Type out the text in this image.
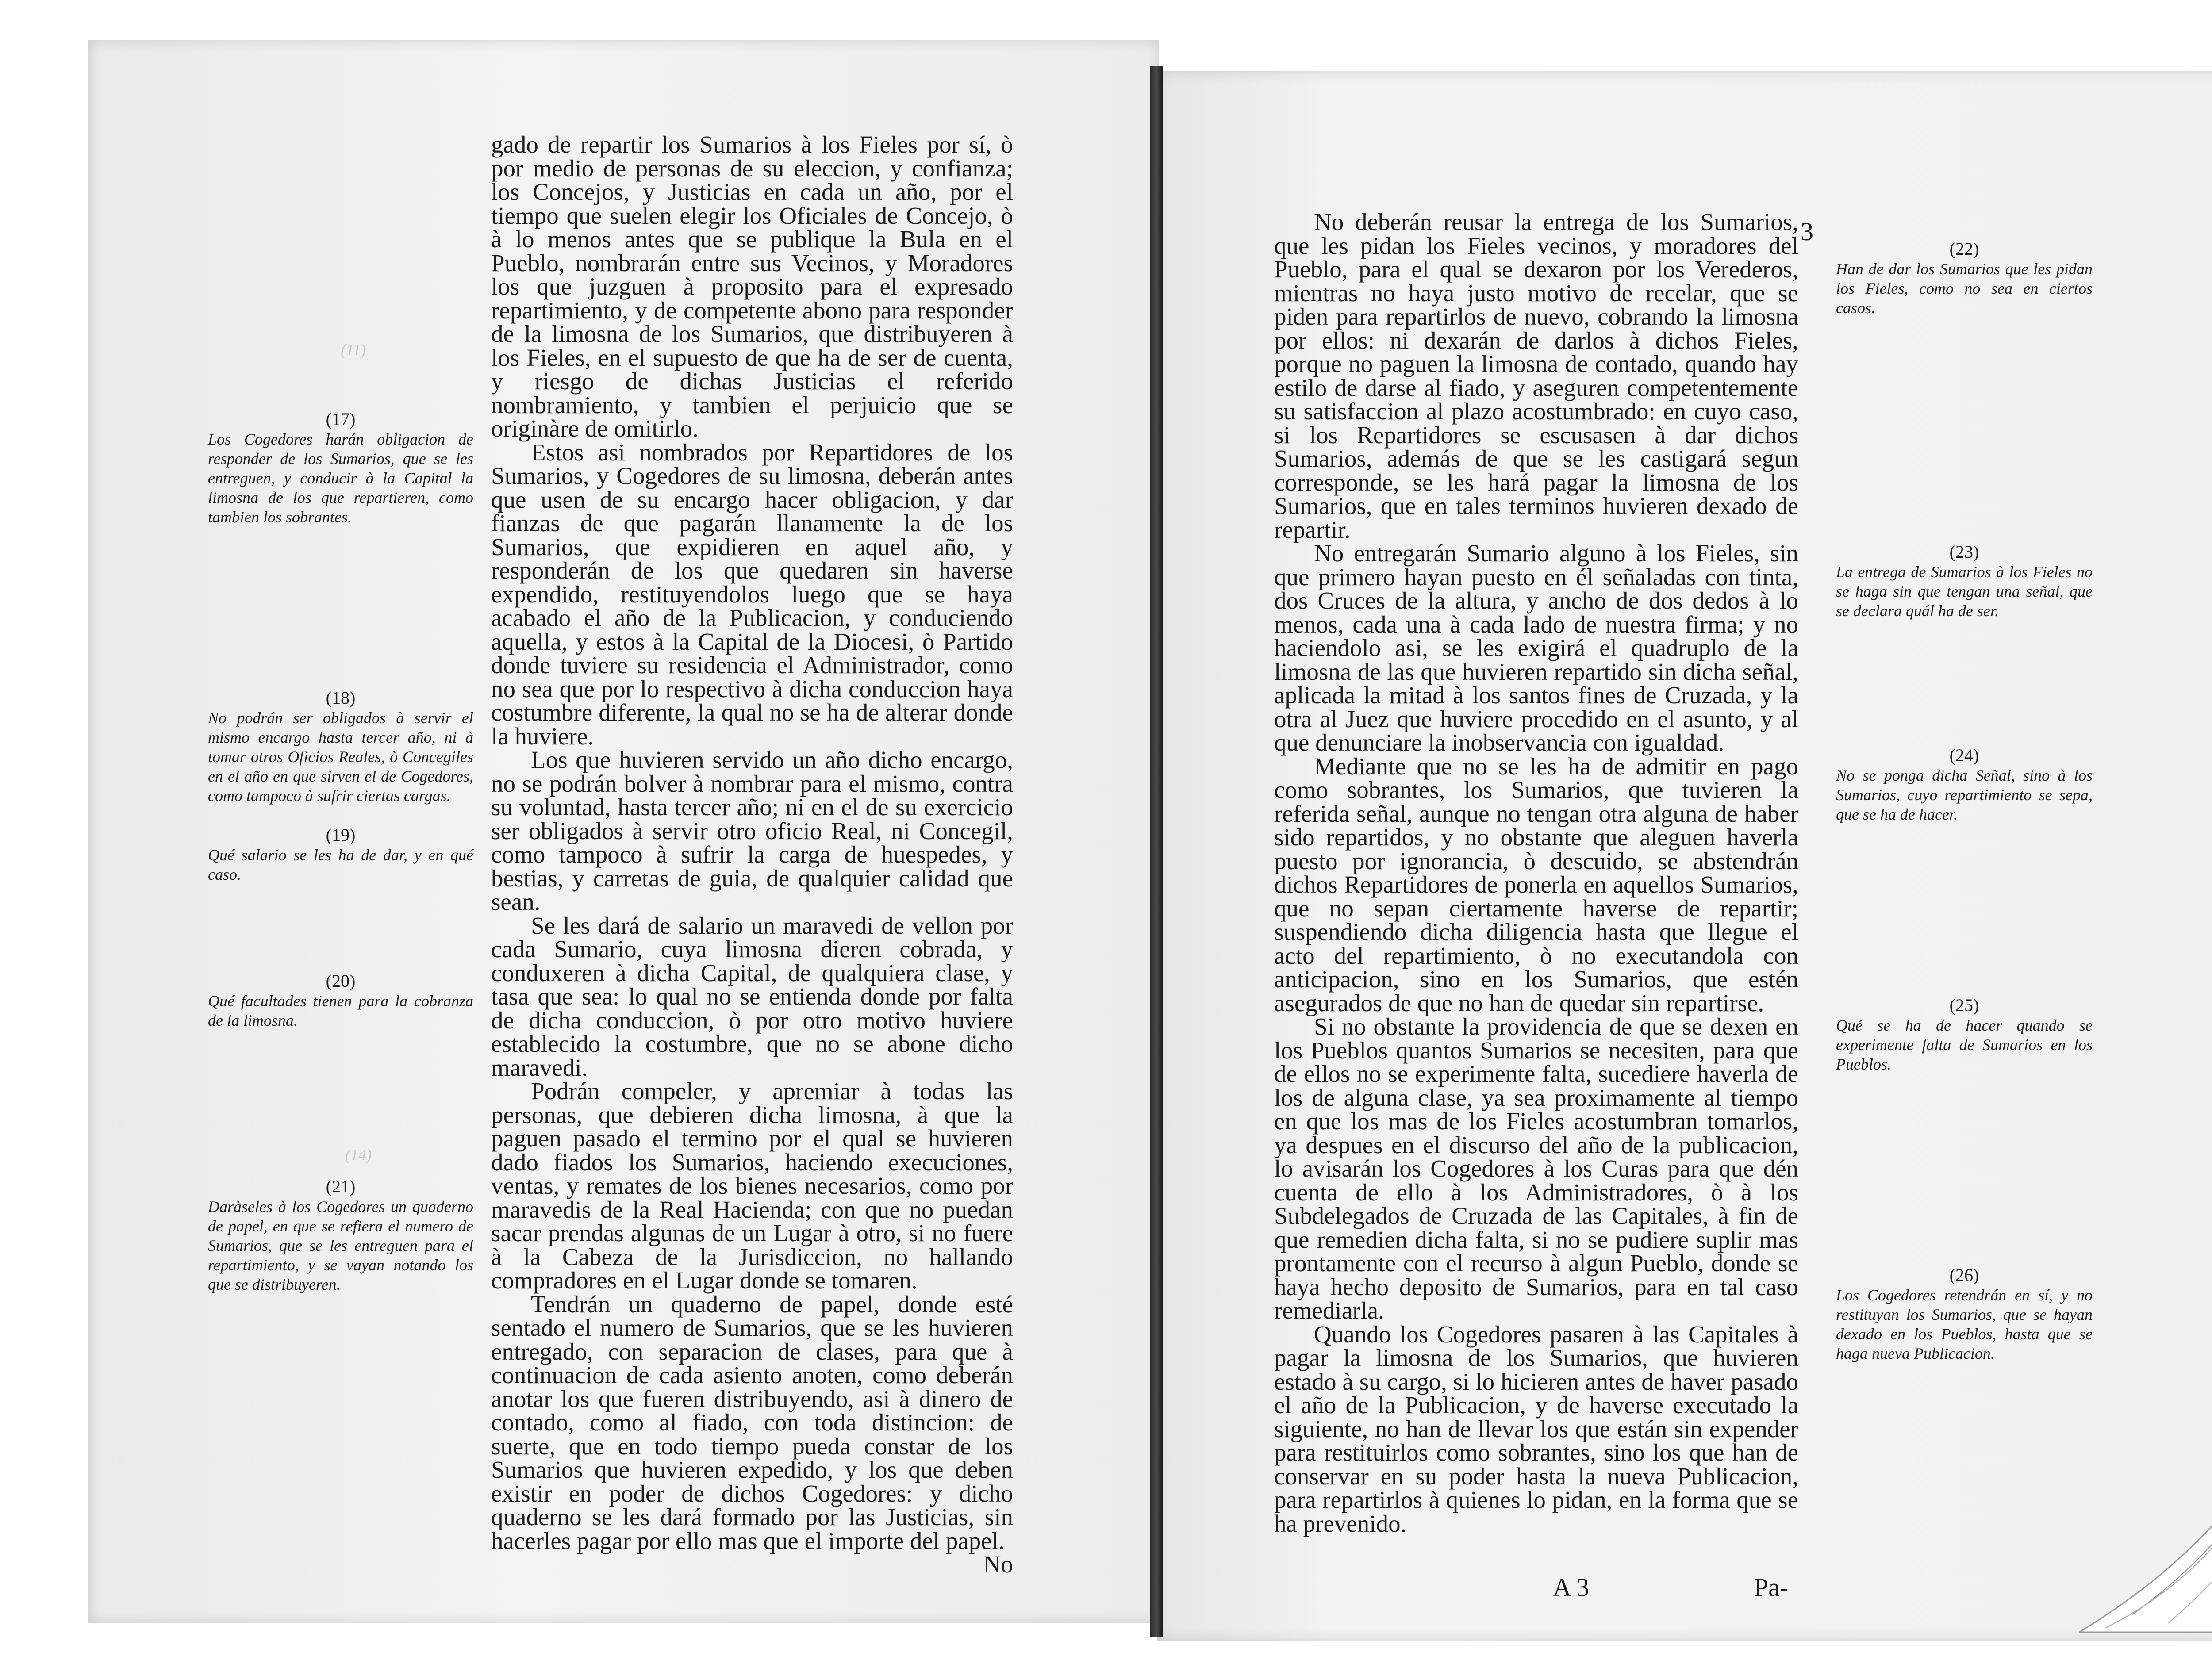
(11)
(14)

gado de repartir los Sumarios à los Fieles por sí, ò por medio de personas de su eleccion, y confianza; los Concejos, y Justicias en cada un año, por el tiempo que suelen elegir los Oficiales de Concejo, ò à lo menos antes que se publique la Bula en el Pueblo, nombrarán entre sus Vecinos, y Moradores los que juzguen à proposito para el expresado repartimiento, y de competente abono para responder de la limosna de los Sumarios, que distribuyeren à los Fieles, en el supuesto de que ha de ser de cuenta, y riesgo de dichas Justicias el referido nombramiento, y tambien el perjuicio que se originàre de omitirlo.

Estos asi nombrados por Repartidores de los Sumarios, y Cogedores de su limosna, deberán antes que usen de su encargo hacer obligacion, y dar fianzas de que pagarán llanamente la de los Sumarios, que expidieren en aquel año, y responderán de los que quedaren sin haverse expendido, restituyendolos luego que se haya acabado el año de la Publicacion, y conduciendo aquella, y estos à la Capital de la Diocesi, ò Partido donde tuviere su residencia el Administrador, como no sea que por lo respectivo à dicha conduccion haya costumbre diferente, la qual no se ha de alterar donde la huviere.

Los que huvieren servido un año dicho encargo, no se podrán bolver à nombrar para el mismo, contra su voluntad, hasta tercer año; ni en el de su exercicio ser obligados à servir otro oficio Real, ni Concegil, como tampoco à sufrir la carga de huespedes, y bestias, y carretas de guia, de qualquier calidad que sean.

Se les dará de salario un maravedi de vellon por cada Sumario, cuya limosna dieren cobrada, y conduxeren à dicha Capital, de qualquiera clase, y tasa que sea: lo qual no se entienda donde por falta de dicha conduccion, ò por otro motivo huviere establecido la costumbre, que no se abone dicho maravedi.

Podrán compeler, y apremiar à todas las personas, que debieren dicha limosna, à que la paguen pasado el termino por el qual se huvieren dado fiados los Sumarios, haciendo execuciones, ventas, y remates de los bienes necesarios, como por maravedis de la Real Hacienda; con que no puedan sacar prendas algunas de un Lugar à otro, si no fuere à la Cabeza de la Jurisdiccion, no hallando compradores en el Lugar donde se tomaren.

Tendrán un quaderno de papel, donde esté sentado el numero de Sumarios, que se les huvieren entregado, con separacion de clases, para que à continuacion de cada asiento anoten, como deberán anotar los que fueren distribuyendo, asi à dinero de contado, como al fiado, con toda distincion: de suerte, que en todo tiempo pueda constar de los Sumarios que huvieren expedido, y los que deben existir en poder de dichos Cogedores: y dicho quaderno se les dará formado por las Justicias, sin hacerles pagar por ello mas que el importe del papel.

No

(17)
Los Cogedores harán obligacion de responder de los Sumarios, que se les entreguen, y conducir à la Capital la limosna de los que repartieren, como tambien los sobrantes.
(18)
No podrán ser obligados à servir el mismo encargo hasta tercer año, ni à tomar otros Oficios Reales, ò Concegiles en el año en que sirven el de Cogedores, como tampoco à sufrir ciertas cargas.
(19)
Qué salario se les ha de dar, y en qué caso.
(20)
Qué facultades tienen para la cobranza de la limosna.
(21)
Daràseles à los Cogedores un quaderno de papel, en que se refiera el numero de Sumarios, que se les entreguen para el repartimiento, y se vayan notando los que se distribuyeren.
3

No deberán reusar la entrega de los Sumarios, que les pidan los Fieles vecinos, y moradores del Pueblo, para el qual se dexaron por los Verederos, mientras no haya justo motivo de recelar, que se piden para repartirlos de nuevo, cobrando la limosna por ellos: ni dexarán de darlos à dichos Fieles, porque no paguen la limosna de contado, quando hay estilo de darse al fiado, y aseguren competentemente su satisfaccion al plazo acostumbrado: en cuyo caso, si los Repartidores se escusasen à dar dichos Sumarios, además de que se les castigará segun corresponde, se les hará pagar la limosna de los Sumarios, que en tales terminos huvieren dexado de repartir.

No entregarán Sumario alguno à los Fieles, sin que primero hayan puesto en él señaladas con tinta, dos Cruces de la altura, y ancho de dos dedos à lo menos, cada una à cada lado de nuestra firma; y no haciendolo asi, se les exigirá el quadruplo de la limosna de las que huvieren repartido sin dicha señal, aplicada la mitad à los santos fines de Cruzada, y la otra al Juez que huviere procedido en el asunto, y al que denunciare la inobservancia con igualdad.

Mediante que no se les ha de admitir en pago como sobrantes, los Sumarios, que tuvieren la referida señal, aunque no tengan otra alguna de haber sido repartidos, y no obstante que aleguen haverla puesto por ignorancia, ò descuido, se abstendrán dichos Repartidores de ponerla en aquellos Sumarios, que no sepan ciertamente haverse de repartir; suspendiendo dicha diligencia hasta que llegue el acto del repartimiento, ò no executandola con anticipacion, sino en los Sumarios, que estén asegurados de que no han de quedar sin repartirse.

Si no obstante la providencia de que se dexen en los Pueblos quantos Sumarios se necesiten, para que de ellos no se experimente falta, sucediere haverla de los de alguna clase, ya sea proximamente al tiempo en que los mas de los Fieles acostumbran tomarlos, ya despues en el discurso del año de la publicacion, lo avisarán los Cogedores à los Curas para que dén cuenta de ello à los Administradores, ò à los Subdelegados de Cruzada de las Capitales, à fin de que remedien dicha falta, si no se pudiere suplir mas prontamente con el recurso à algun Pueblo, donde se haya hecho deposito de Sumarios, para en tal caso remediarla.

Quando los Cogedores pasaren à las Capitales à pagar la limosna de los Sumarios, que huvieren estado à su cargo, si lo hicieren antes de haver pasado el año de la Publicacion, y de haverse executado la siguiente, no han de llevar los que están sin expender para restituirlos como sobrantes, sino los que han de conservar en su poder hasta la nueva Publicacion, para repartirlos à quienes lo pidan, en la forma que se ha prevenido.

A 3	Pa-
(22)
Han de dar los Sumarios que les pidan los Fieles, como no sea en ciertos casos.
(23)
La entrega de Sumarios à los Fieles no se haga sin que tengan una señal, que se declara quál ha de ser.
(24)
No se ponga dicha Señal, sino à los Sumarios, cuyo repartimiento se sepa, que se ha de hacer.
(25)
Qué se ha de hacer quando se experimente falta de Sumarios en los Pueblos.
(26)
Los Cogedores retendrán en sí, y no restituyan los Sumarios, que se hayan dexado en los Pueblos, hasta que se haga nueva Publicacion.
